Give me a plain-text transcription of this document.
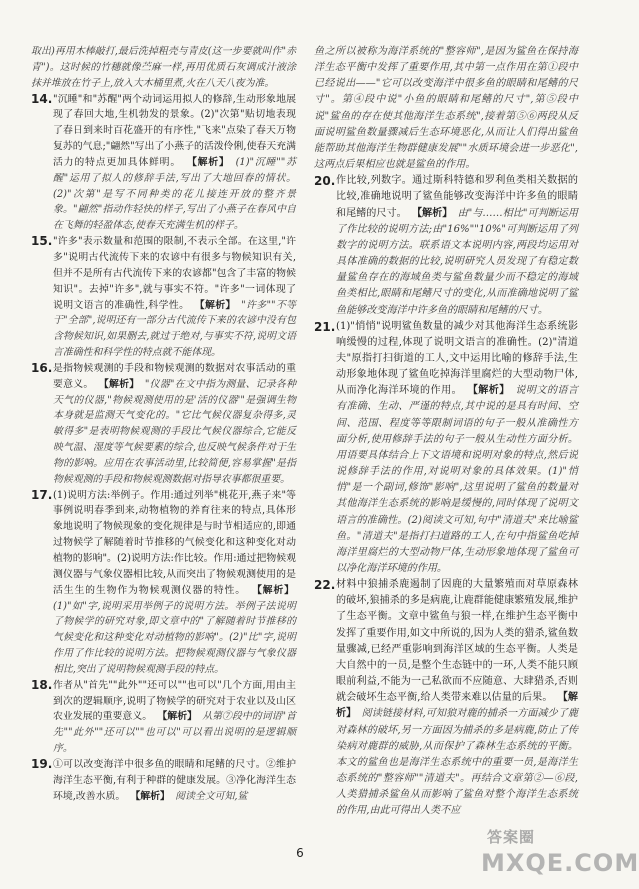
取出)再用木棒敲打,最后洗掉粗壳与青皮(这一步要就叫作"赤青")。这时候的竹穗就像苎麻一样,再用优质石灰调成汁液涂抹并堆放在竹子上,放入大木桶里煮,火在八天八夜为准。

14. "沉睡"和"苏醒"两个动词运用拟人的修辞,生动形象地展现了春回大地,生机勃发的景象。(2)"次第"贴切地表现了春日到来时百花盛开的有序性,"飞来"点染了春天万物复苏的气息;"翩然"写出了小燕子的活泼伶俐,使春天充满活力的特点更加具体鲜明。 【解析】 (1)"沉睡""苏醒"运用了拟人的修辞手法,写出了大地回春的情状。(2)"次第"是写不同种类的花儿接连开放的整齐景象。"翩然"指动作轻快的样子,写出了小燕子在春风中自在飞舞的轻盈体态,使春天充满生机的样子。
15. "许多"表示数量和范围的限制,不表示全部。在这里,"许多"说明古代流传下来的农谚中有很多与物候知识有关,但并不是所有古代流传下来的农谚都"包含了丰富的物候知识"。去掉"许多",就与事实不符。"许多"一词体现了说明文语言的准确性,科学性。 【解析】 "许多""不等于"全部",说明还有一部分古代流传下来的农谚中没有包含物候知识,如果删去,就过于绝对,与事实不符,说明文语言准确性和科学性的特点就不能体现。
16. 是指物候观测的手段和物候观测的数据对农事活动的重要意义。 【解析】 "仪器"在文中指为测量、记录各种天气的仪器,"物候观测使用的是'活的仪器'"是强调生物本身就是监测天气变化的。"它比气候仪器复杂得多,灵敏得多"是表明物候观测的手段比气候仪器综合,它能反映气温、湿度等气候要素的综合,也反映气候条件对于生物的影响。应用在农事活动里,比较简便,容易掌握"是指物候观测的手段和物候观测数据对指导农事都很重要。
17. (1)说明方法:举例子。作用:通过列举"桃花开,燕子来"等事例说明春季到来,动物植物的养育往来的特点,具体形象地说明了物候现象的变化规律是与时节相适应的,即通过物候学了解随着时节推移的气候变化和这种变化对动植物的影响"。(2)说明方法:作比较。作用:通过把物候观测仪器与气象仪器相比较,从而突出了物候观测使用的是活生生的生物作为物候观测仪器的特性。 【解析】 (1)"如"字,说明采用举例子的说明方法。举例子法说明了物候学的研究对象,即文章中的"了解随着时节推移的气候变化和这种变化对动植物的影响"。(2)"比"字,说明作用了作比较的说明方法。把物候观测仪器与气象仪器相比,突出了说明物候观测手段的特点。
18. 作者从"首先""此外""还可以""也可以"几个方面,用由主到次的逻辑顺序,说明了物候学的研究对于农业以及山区农业发展的重要意义。 【解析】 从第⑦段中的词语"首先""此外""还可以""也可以"可以看出说明的是逻辑顺序。
19. ①可以改变海洋中很多鱼的眼睛和尾鳍的尺寸。②维护海洋生态平衡,有利于种群的健康发展。③净化海洋生态环境,改善水质。 【解析】 阅读全文可知,鲨

鱼之所以被称为海洋系统的"整容师",是因为鲨鱼在保持海洋生态平衡中发挥了重要作用,其中第一点作用在第①段中已经说出——"它可以改变海洋中很多鱼的眼睛和尾鳍的尺寸"。第④段中说"小鱼的眼睛和尾鳍的尺寸",第⑤段中说"鲨鱼的存在使其他海洋生态系统",接着第⑤⑥两段从反面说明鲨鱼数量骤减后生态环境恶化,从而让人们得出鲨鱼能帮助其他海洋生物群健康发展""水质环境会进一步恶化",这两点后果相应也就是鲨鱼的作用。

20. 作比较,列数字。通过斯科特德和罗利鱼类相关数据的比较,准确地说明了鲨鱼能够改变海洋中许多鱼的眼睛和尾鳍的尺寸。 【解析】 由"与……相比"可判断运用了作比较的说明方法;由"16%""10%"可判断运用了列数字的说明方法。联系语文本说明内容,两段均运用对具体准确的数据的比较,说明研究人员发现了有稳定数量鲨鱼存在的海域鱼类与鲨鱼数量少而不稳定的海域鱼类相比,眼睛和尾鳍尺寸的变化,从而准确地说明了鲨鱼能够改变海洋中许多鱼的眼睛和尾鳍的尺寸。
21. (1)"悄悄"说明鲨鱼数量的减少对其他海洋生态系统影响缓慢的过程,体现了说明文语言的准确性。(2)"清道夫"原指打扫街道的工人,文中运用比喻的修辞手法,生动形象地体现了鲨鱼吃掉海洋里腐烂的大型动物尸体,从而净化海洋环境的作用。 【解析】 说明文的语言有准确、生动、严谨的特点,其中说的是具有时间、空间、范围、程度等等限制词语的句子一般从准确性方面分析,使用修辞手法的句子一般从生动性方面分析。用语要具体结合上下文语境和说明对象的特点,然后说说修辞手法的作用,对说明对象的具体效果。(1)"悄悄"是一个副词,修饰"影响",这里说明了鲨鱼的数量对其他海洋生态系统的影响是缓慢的,同时体现了说明文语言的准确性。(2)阅读文可知,句中"清道夫"来比喻鲨鱼。"清道夫"是指打扫道路的工人,在句中指鲨鱼吃掉海洋里腐烂的大型动物尸体,生动形象地体现了鲨鱼可以净化海洋环境的作用。
22. 材料中狼捕杀鹿遏制了因鹿的大量繁殖而对草原森林的破坏,狼捕杀的多是病鹿,让鹿群能健康繁殖发展,维护了生态平衡。文章中鲨鱼与狼一样,在维护生态平衡中发挥了重要作用,如文中所说的,因为人类的猎杀,鲨鱼数量骤减,已经严重影响到海洋区域的生态平衡。人类是大自然中的一员,是整个生态链中的一环,人类不能只顾眼前利益,不能为一己私欲而不应随意、大肆猎杀,否则就会破坏生态平衡,给人类带来难以估量的后果。 【解析】 阅读链接材料,可知狼对鹿的捕杀一方面减少了鹿对森林的破坏,另一方面因为捕杀的多是病鹿,防止了传染病对鹿群的威胁,从而保护了森林生态系统的平衡。本文的鲨鱼也是海洋生态系统中的重要一员,是海洋生态系统的"整容师""清道夫"。再结合文章第②—⑥段,人类猎捕杀鲨鱼从而影响了鲨鱼对整个海洋生态系统的作用,由此可得出人类不应
6
答案圈
MXQE.COM
